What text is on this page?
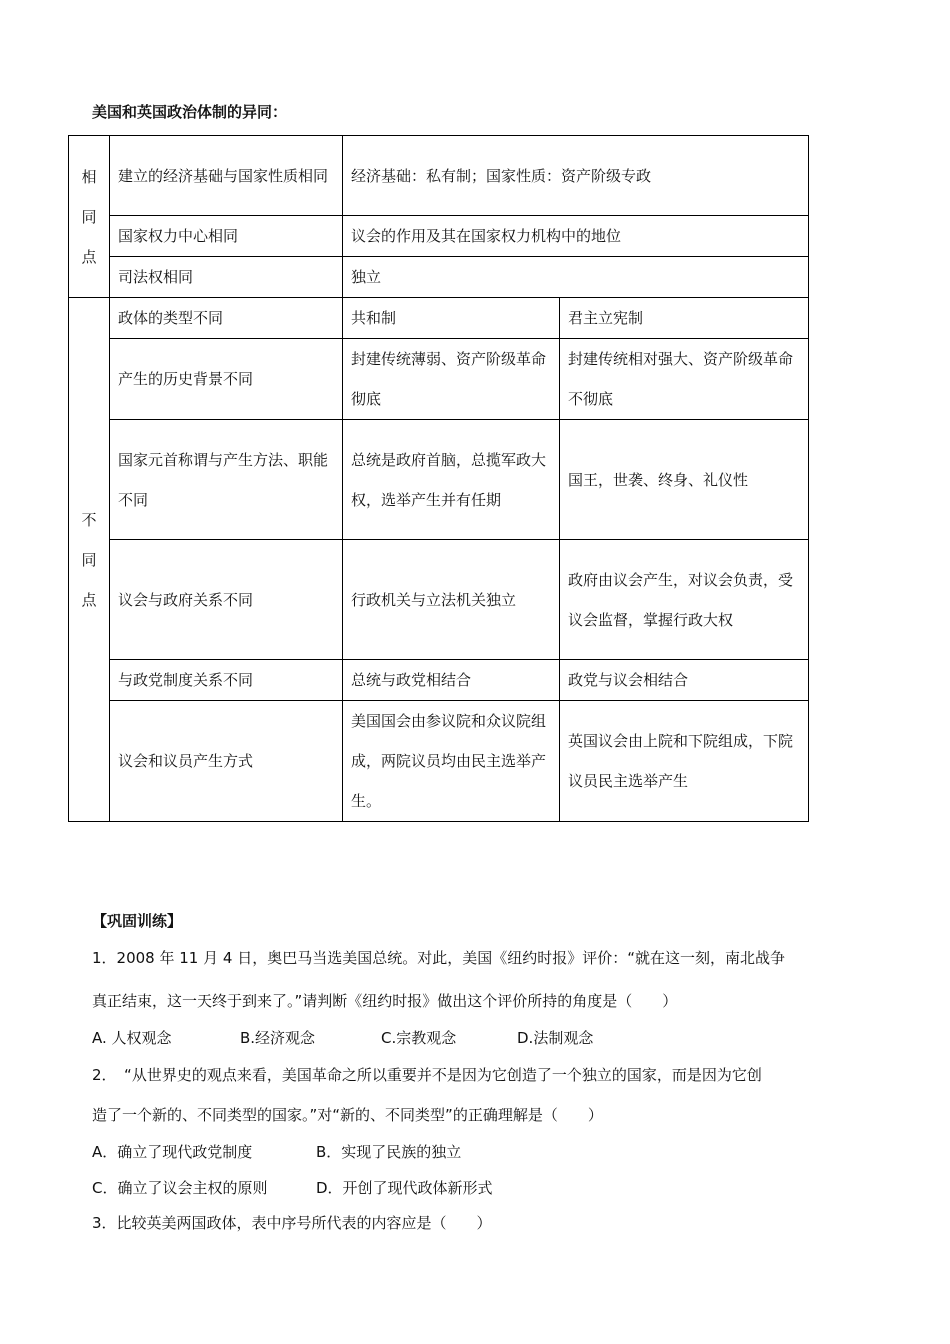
美国和英国政治体制的异同：
相
同
点	建立的经济基础与国家性质相同	经济基础：私有制；国家性质：资产阶级专政	
	国家权力中心相同	议会的作用及其在国家权力机构中的地位	
	司法权相同	独立	

不
同
点	政体的类型不同	共和制	君主立宪制
	产生的历史背景不同	封建传统薄弱、资产阶级革命彻底	封建传统相对强大、资产阶级革命不彻底
	国家元首称谓与产生方法、职能不同	总统是政府首脑，总揽军政大权，选举产生并有任期	国王，世袭、终身、礼仪性
	议会与政府关系不同	行政机关与立法机关独立	政府由议会产生，对议会负责，受议会监督，掌握行政大权
	与政党制度关系不同	总统与政党相结合	政党与议会相结合
	议会和议员产生方式	美国国会由参议院和众议院组成，两院议员均由民主选举产生。	英国议会由上院和下院组成，下院议员民主选举产生
【巩固训练】
1．2008 年 11 月 4 日，奥巴马当选美国总统。对此，美国《纽约时报》评价：“就在这一刻，南北战争
真正结束，这一天终于到来了。”请判断《纽约时报》做出这个评价所持的角度是（　　）
A. 人权观念	B.经济观念	C.宗教观念	D.法制观念
2．　“从世界史的观点来看，美国革命之所以重要并不是因为它创造了一个独立的国家，而是因为它创
造了一个新的、不同类型的国家。”对“新的、不同类型”的正确理解是（　　）
A．确立了现代政党制度	B．实现了民族的独立
C．确立了议会主权的原则	D．开创了现代政体新形式
3．比较英美两国政体，表中序号所代表的内容应是（　　）
